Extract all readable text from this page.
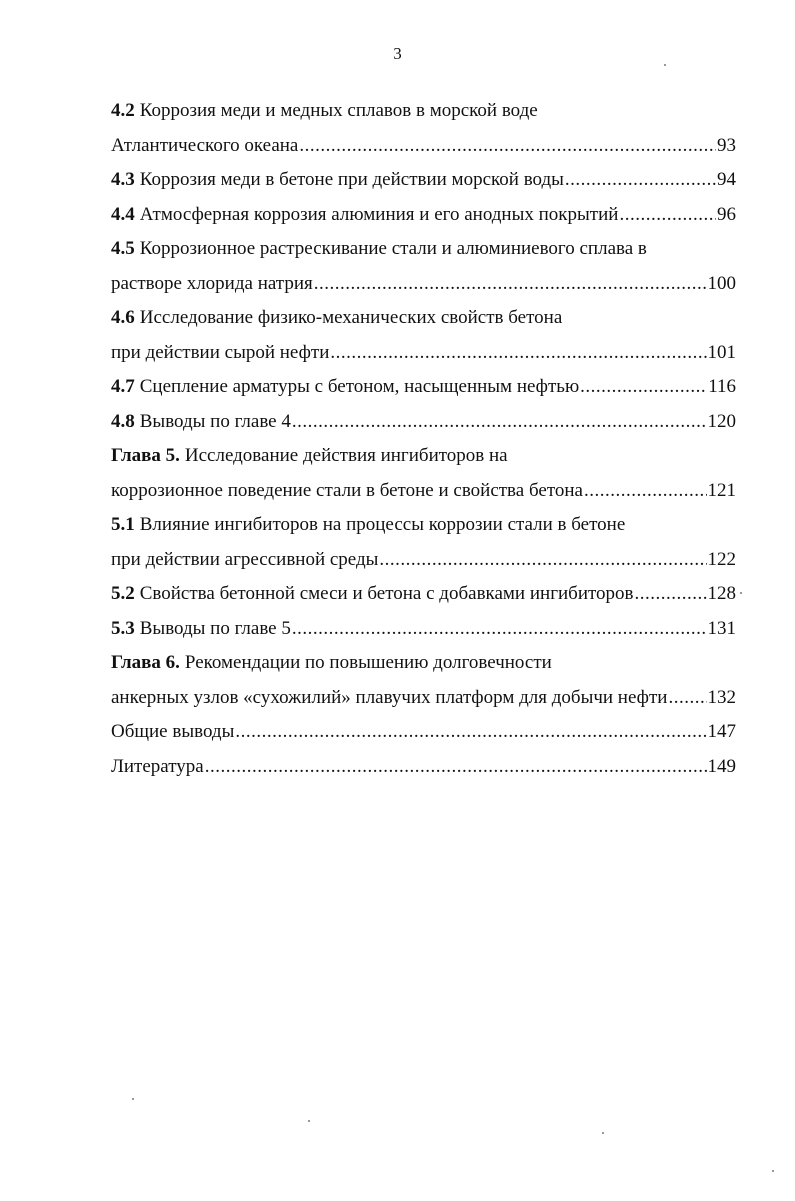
3
4.2 Коррозия меди и медных сплавов в морской воде
Атлантического океана .....	93
4.3 Коррозия меди в бетоне при действии морской воды .....	94
4.4 Атмосферная коррозия алюминия и его анодных покрытий .....	96
4.5 Коррозионное растрескивание стали и алюминиевого сплава в
растворе хлорида натрия .....	100
4.6 Исследование физико-механических свойств бетона
при действии сырой нефти .....	101
4.7 Сцепление арматуры с бетоном, насыщенным нефтью .....	116
4.8 Выводы по главе 4 .....	120
Глава 5. Исследование действия ингибиторов на
коррозионное поведение стали в бетоне и свойства бетона .....	121
5.1 Влияние ингибиторов на процессы коррозии стали в бетоне
при действии агрессивной среды .....	122
5.2 Свойства бетонной смеси и бетона с добавками ингибиторов .....	128
5.3 Выводы по главе 5 .....	131
Глава 6. Рекомендации по повышению долговечности
анкерных узлов «сухожилий» плавучих платформ для добычи нефти ..... 132
Общие выводы .....	147
Литература .....	149
